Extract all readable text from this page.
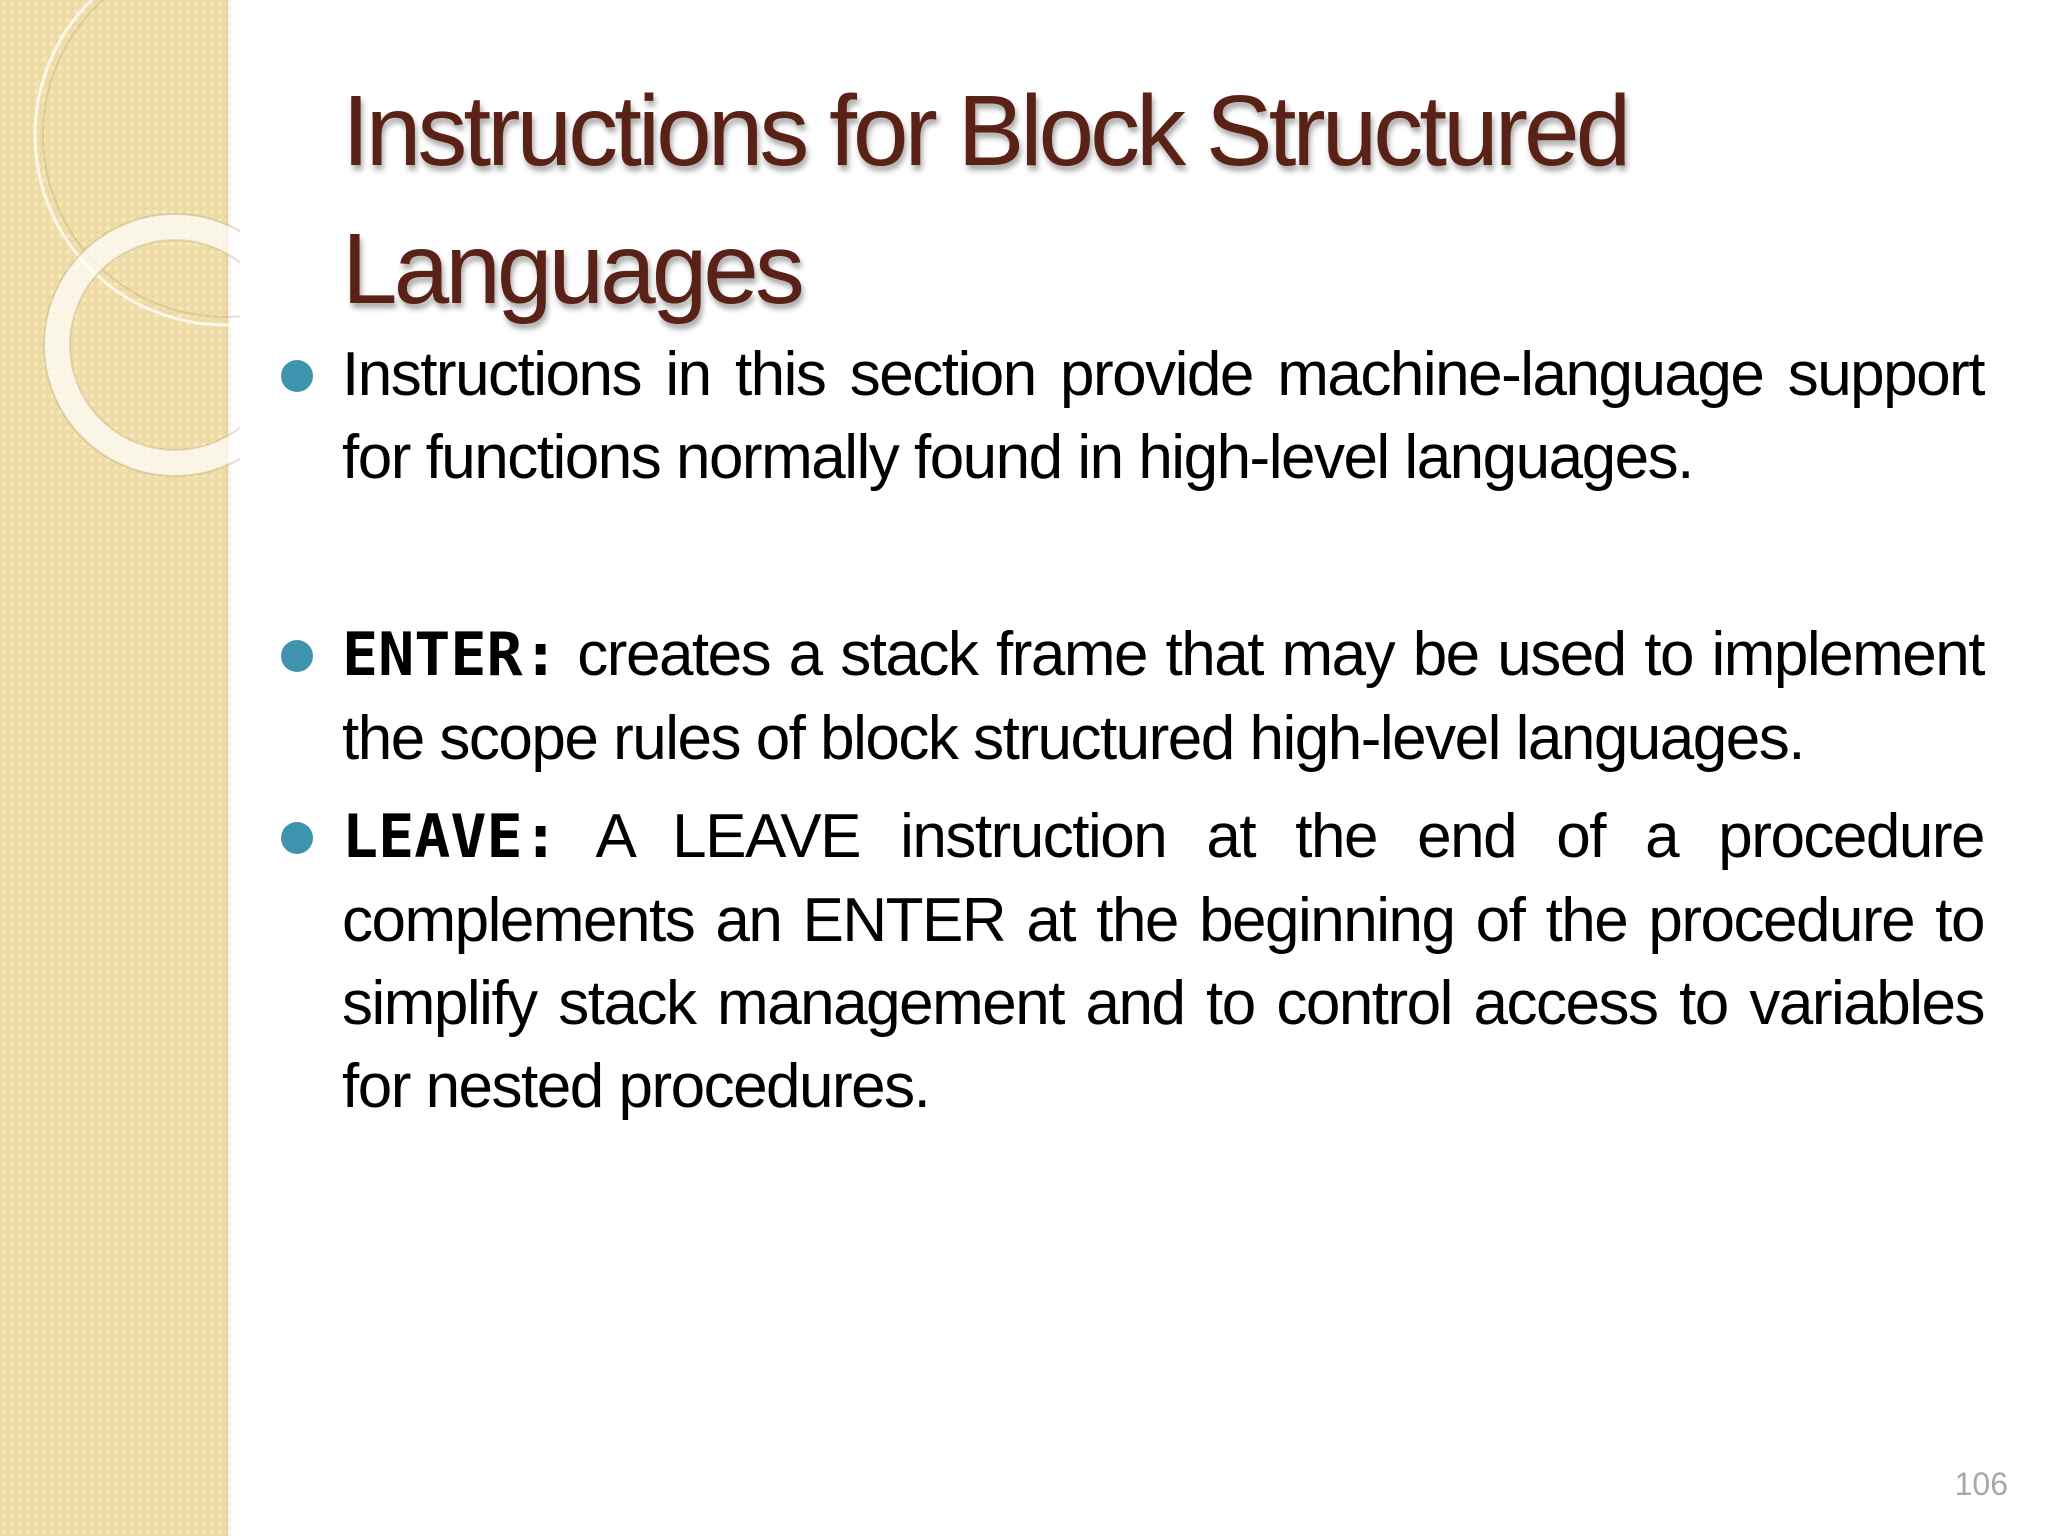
Instructions for Block Structured Languages
Instructions in this section provide machine-language support for functions normally found in high-level languages.
ENTER: creates a stack frame that may be used to implement the scope rules of block structured high-level languages.
LEAVE: A LEAVE instruction at the end of a procedure complements an ENTER at the beginning of the procedure to simplify stack management and to control access to variables for nested procedures.
106
